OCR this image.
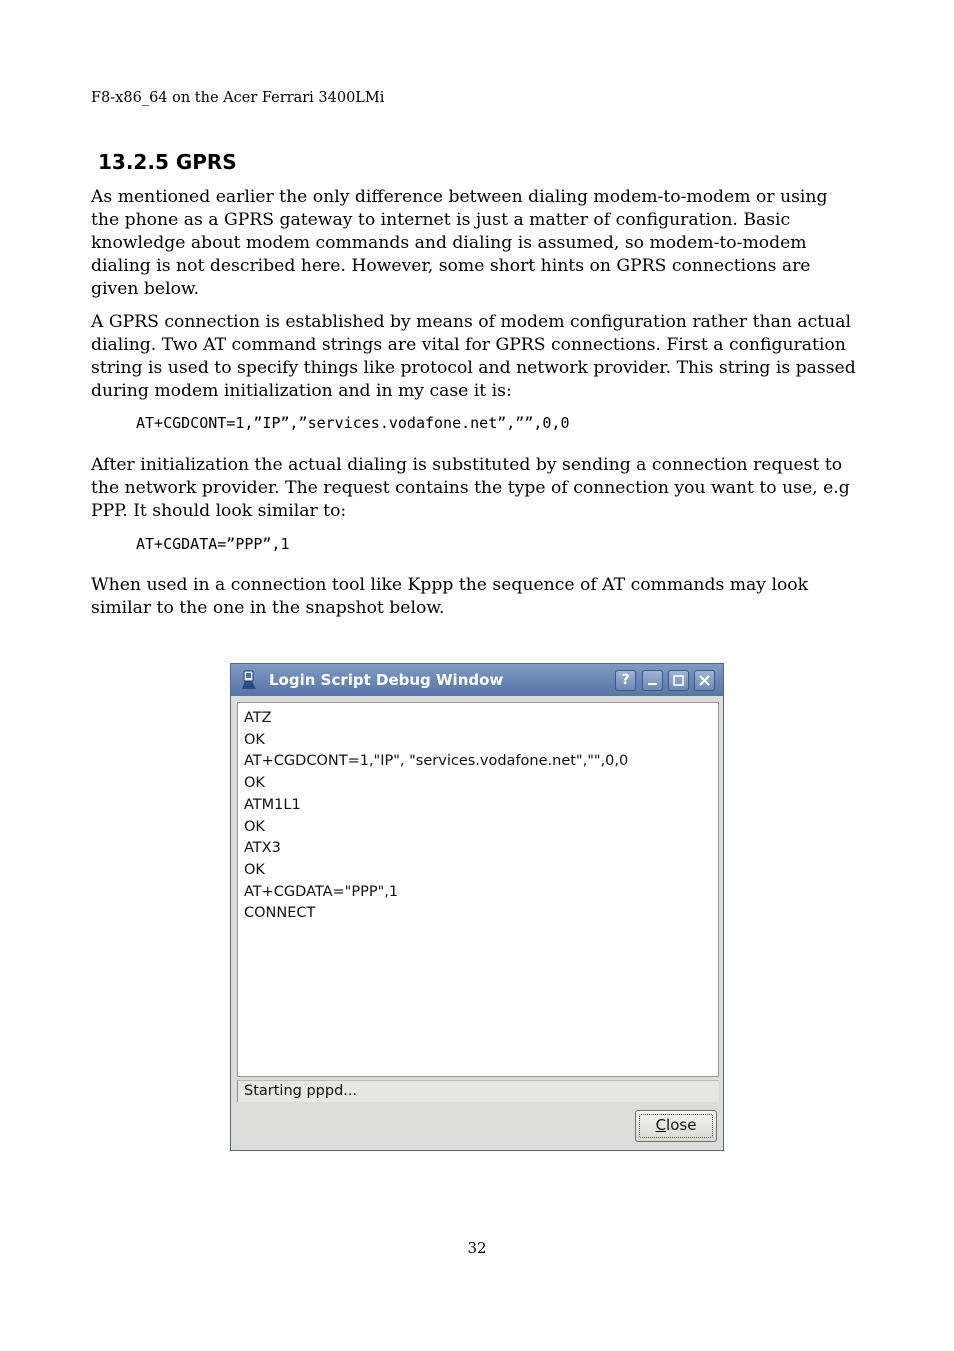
F8-x86_64 on the Acer Ferrari 3400LMi
13.2.5 GPRS

As mentioned earlier the only difference between dialing modem-to-modem or using the phone as a GPRS gateway to internet is just a matter of configuration. Basic knowledge about modem commands and dialing is assumed, so modem-to-modem dialing is not described here. However, some short hints on GPRS connections are given below.

A GPRS connection is established by means of modem configuration rather than actual dialing. Two AT command strings are vital for GPRS connections. First a configuration string is used to specify things like protocol and network provider. This string is passed during modem initialization and in my case it is:

AT+CGDCONT=1,”IP”,”services.vodafone.net”,””,0,0

After initialization the actual dialing is substituted by sending a connection request to the network provider. The request contains the type of connection you want to use, e.g PPP. It should look similar to:

AT+CGDATA=”PPP”,1

When used in a connection tool like Kppp the sequence of AT commands may look similar to the one in the snapshot below.

Login Script Debug Window	?
ATZ
OK
AT+CGDCONT=1,"IP", "services.vodafone.net","",0,0
OK
ATM1L1
OK
ATX3
OK
AT+CGDATA="PPP",1
CONNECT
Starting pppd...
Close
32
